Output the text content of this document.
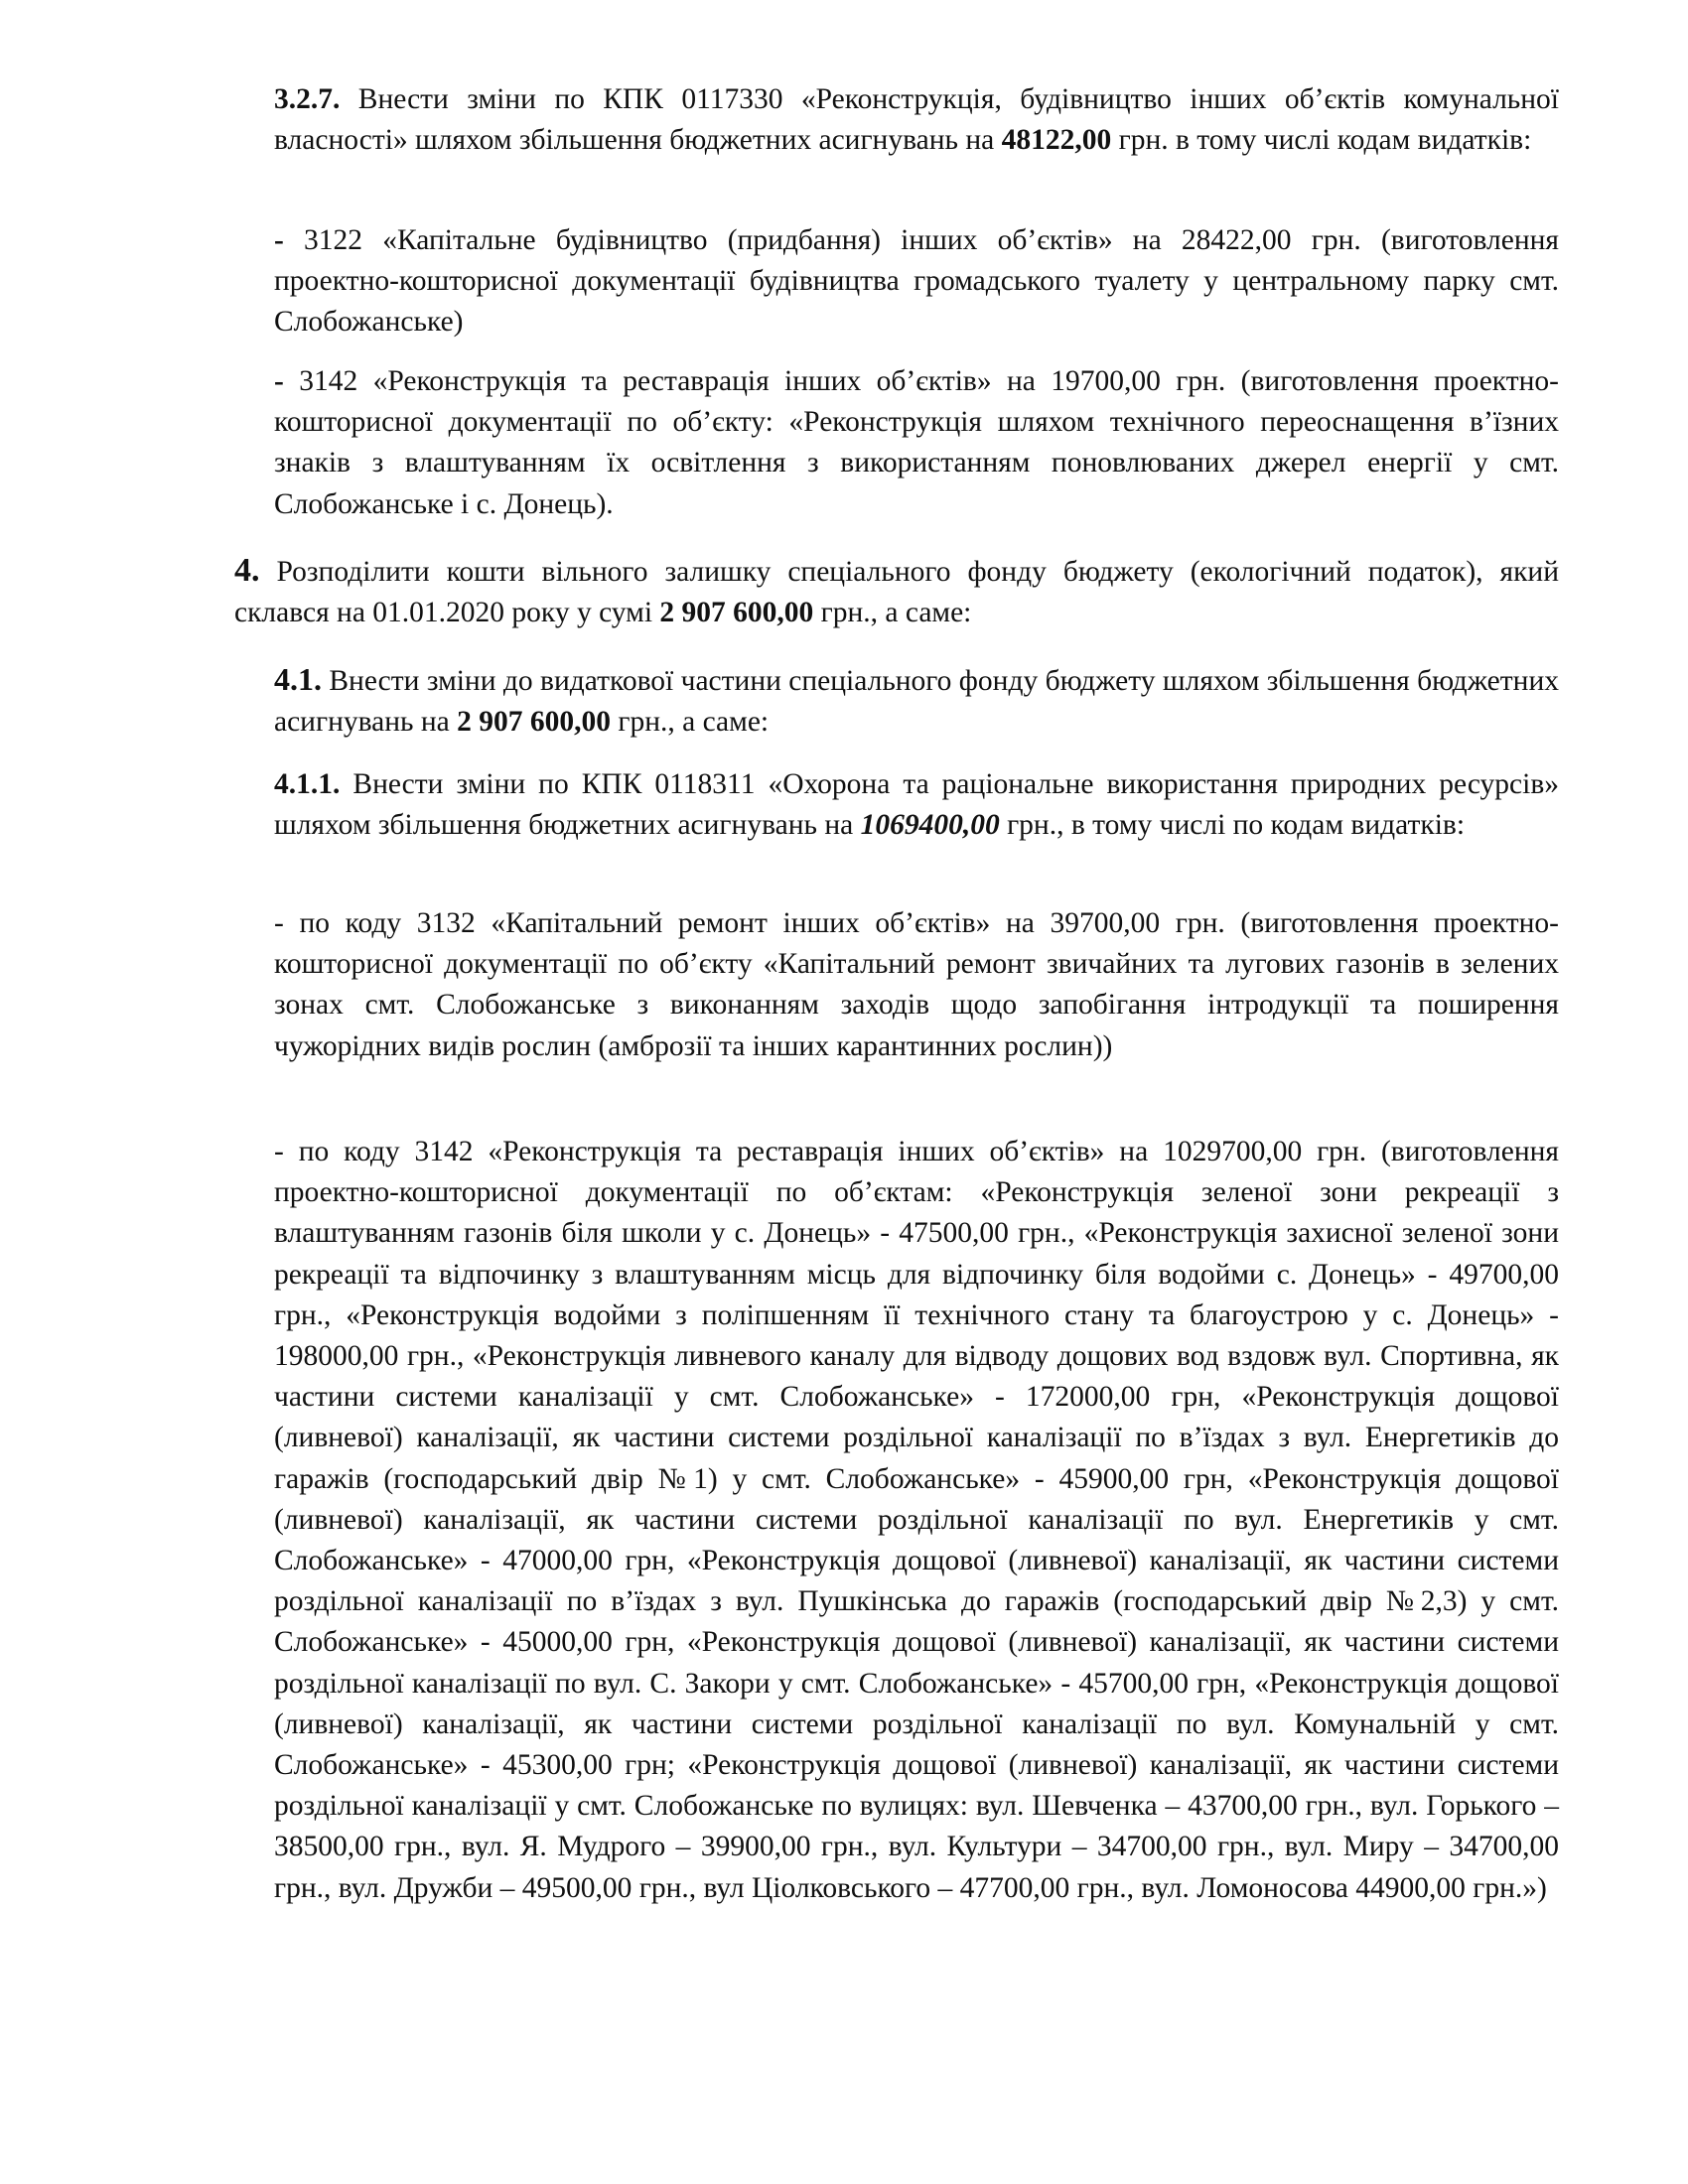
3.2.7. Внести зміни по КПК 0117330 «Реконструкція, будівництво інших об’єктів комунальної власності» шляхом збільшення бюджетних асигнувань на 48122,00 грн. в тому числі кодам видатків:

- 3122 «Капітальне будівництво (придбання) інших об’єктів» на 28422,00 грн. (виготовлення проектно-кошторисної документації будівництва громадського туалету у центральному парку смт. Слобожанське)

- 3142 «Реконструкція та реставрація інших об’єктів» на 19700,00 грн. (виготовлення проектно-кошторисної документації по об’єкту: «Реконструкція шляхом технічного переоснащення в’їзних знаків з влаштуванням їх освітлення з використанням поновлюваних джерел енергії у смт. Слобожанське і с. Донець).

4. Розподілити кошти вільного залишку спеціального фонду бюджету (екологічний податок), який склався на 01.01.2020 року у сумі 2 907 600,00 грн., а саме:

4.1. Внести зміни до видаткової частини спеціального фонду бюджету шляхом збільшення бюджетних асигнувань на 2 907 600,00 грн., а саме:

4.1.1. Внести зміни по КПК 0118311 «Охорона та раціональне використання природних ресурсів» шляхом збільшення бюджетних асигнувань на 1069400,00 грн., в тому числі по кодам видатків:

- по коду 3132 «Капітальний ремонт інших об’єктів» на 39700,00 грн. (виготовлення проектно-кошторисної документації по об’єкту «Капітальний ремонт звичайних та лугових газонів в зелених зонах смт. Слобожанське з виконанням заходів щодо запобігання інтродукції та поширення чужорідних видів рослин (амброзії та інших карантинних рослин))

- по коду 3142 «Реконструкція та реставрація інших об’єктів» на 1029700,00 грн. (виготовлення проектно-кошторисної документації по об’єктам: «Реконструкція зеленої зони рекреації з влаштуванням газонів біля школи у с. Донець» - 47500,00 грн., «Реконструкція захисної зеленої зони рекреації та відпочинку з влаштуванням місць для відпочинку біля водойми с. Донець» - 49700,00 грн., «Реконструкція водойми з поліпшенням її технічного стану та благоустрою у с. Донець» - 198000,00 грн., «Реконструкція ливневого каналу для відводу дощових вод вздовж вул. Спортивна, як частини системи каналізації у смт. Слобожанське» - 172000,00 грн, «Реконструкція дощової (ливневої) каналізації, як частини системи роздільної каналізації по в’їздах з вул. Енергетиків до гаражів (господарський двір №1) у смт. Слобожанське» - 45900,00 грн, «Реконструкція дощової (ливневої) каналізації, як частини системи роздільної каналізації по вул. Енергетиків у смт. Слобожанське» - 47000,00 грн, «Реконструкція дощової (ливневої) каналізації, як частини системи роздільної каналізації по в’їздах з вул. Пушкінська до гаражів (господарський двір №2,3) у смт. Слобожанське» - 45000,00 грн, «Реконструкція дощової (ливневої) каналізації, як частини системи роздільної каналізації по вул. С. Закори у смт. Слобожанське» - 45700,00 грн, «Реконструкція дощової (ливневої) каналізації, як частини системи роздільної каналізації по вул. Комунальній у смт. Слобожанське» - 45300,00 грн; «Реконструкція дощової (ливневої) каналізації, як частини системи роздільної каналізації у смт. Слобожанське по вулицях: вул. Шевченка – 43700,00 грн., вул. Горького – 38500,00 грн., вул. Я. Мудрого – 39900,00 грн., вул. Культури – 34700,00 грн., вул. Миру – 34700,00 грн., вул. Дружби – 49500,00 грн., вул Ціолковського – 47700,00 грн., вул. Ломоносова 44900,00 грн.»)
